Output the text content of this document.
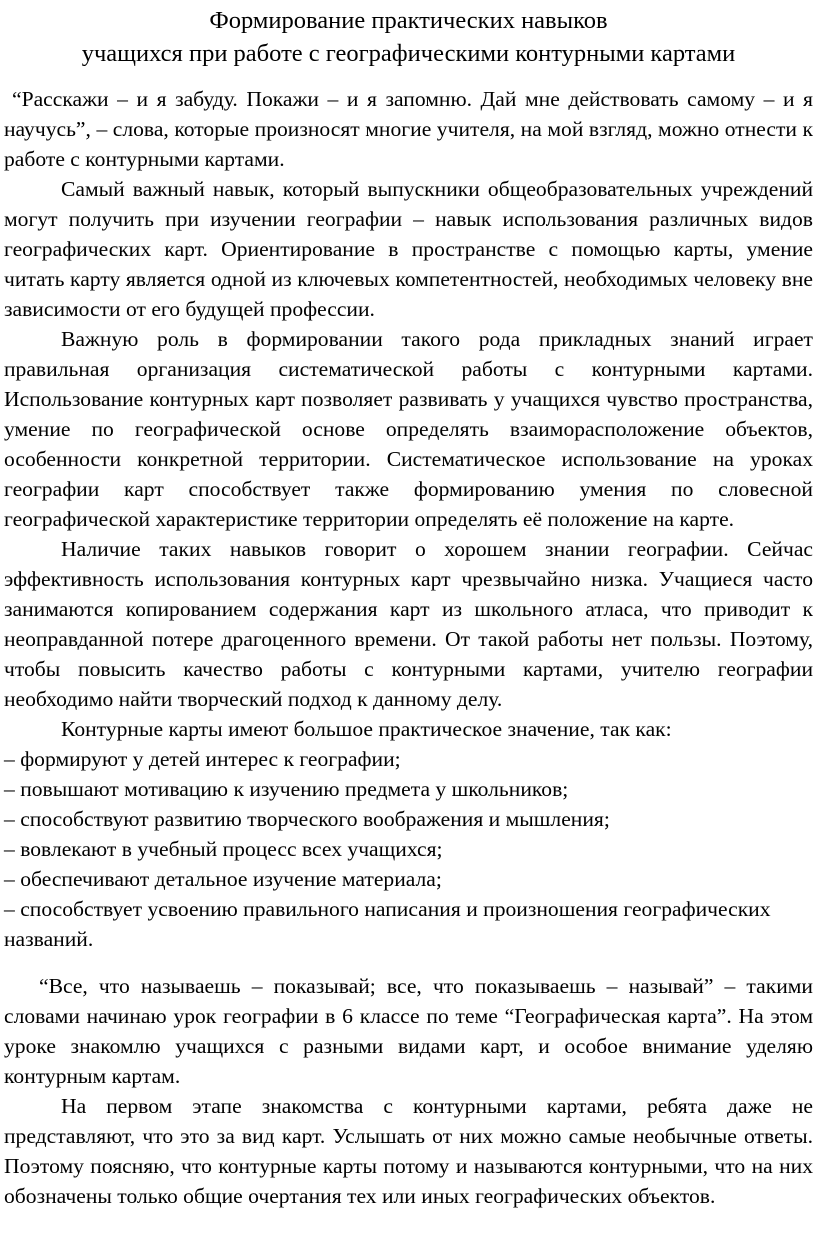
Формирование практических навыков
учащихся при работе с географическими контурными картами

“Расскажи – и я забуду. Покажи – и я запомню. Дай мне действовать самому – и я научусь”, – слова, которые произносят многие учителя, на мой взгляд, можно отнести к работе с контурными картами.

Самый важный навык, который выпускники общеобразовательных учреждений могут получить при изучении географии – навык использования различных видов географических карт. Ориентирование в пространстве с помощью карты, умение читать карту является одной из ключевых компетентностей, необходимых человеку вне зависимости от его будущей профессии.

Важную роль в формировании такого рода прикладных знаний играет правильная организация систематической работы с контурными картами. Использование контурных карт позволяет развивать у учащихся чувство пространства, умение по географической основе определять взаиморасположение объектов, особенности конкретной территории. Систематическое использование на уроках географии карт способствует также формированию умения по словесной географической характеристике территории определять её положение на карте.

Наличие таких навыков говорит о хорошем знании географии. Сейчас эффективность использования контурных карт чрезвычайно низка. Учащиеся часто занимаются копированием содержания карт из школьного атласа, что приводит к неоправданной потере драгоценного времени. От такой работы нет пользы. Поэтому, чтобы повысить качество работы с контурными картами, учителю географии необходимо найти творческий подход к данному делу.

Контурные карты имеют большое практическое значение, так как:

– формируют у детей интерес к географии;
– повышают мотивацию к изучению предмета у школьников;
– способствуют развитию творческого воображения и мышления;
– вовлекают в учебный процесс всех учащихся;
– обеспечивают детальное изучение материала;
– способствует усвоению правильного написания и произношения географических названий.

“Все, что называешь – показывай; все, что показываешь – называй” – такими словами начинаю урок географии в 6 классе по теме “Географическая карта”. На этом уроке знакомлю учащихся с разными видами карт, и особое внимание уделяю контурным картам.

На первом этапе знакомства с контурными картами, ребята даже не представляют, что это за вид карт. Услышать от них можно самые необычные ответы. Поэтому поясняю, что контурные карты потому и называются контурными, что на них обозначены только общие очертания тех или иных географических объектов.
